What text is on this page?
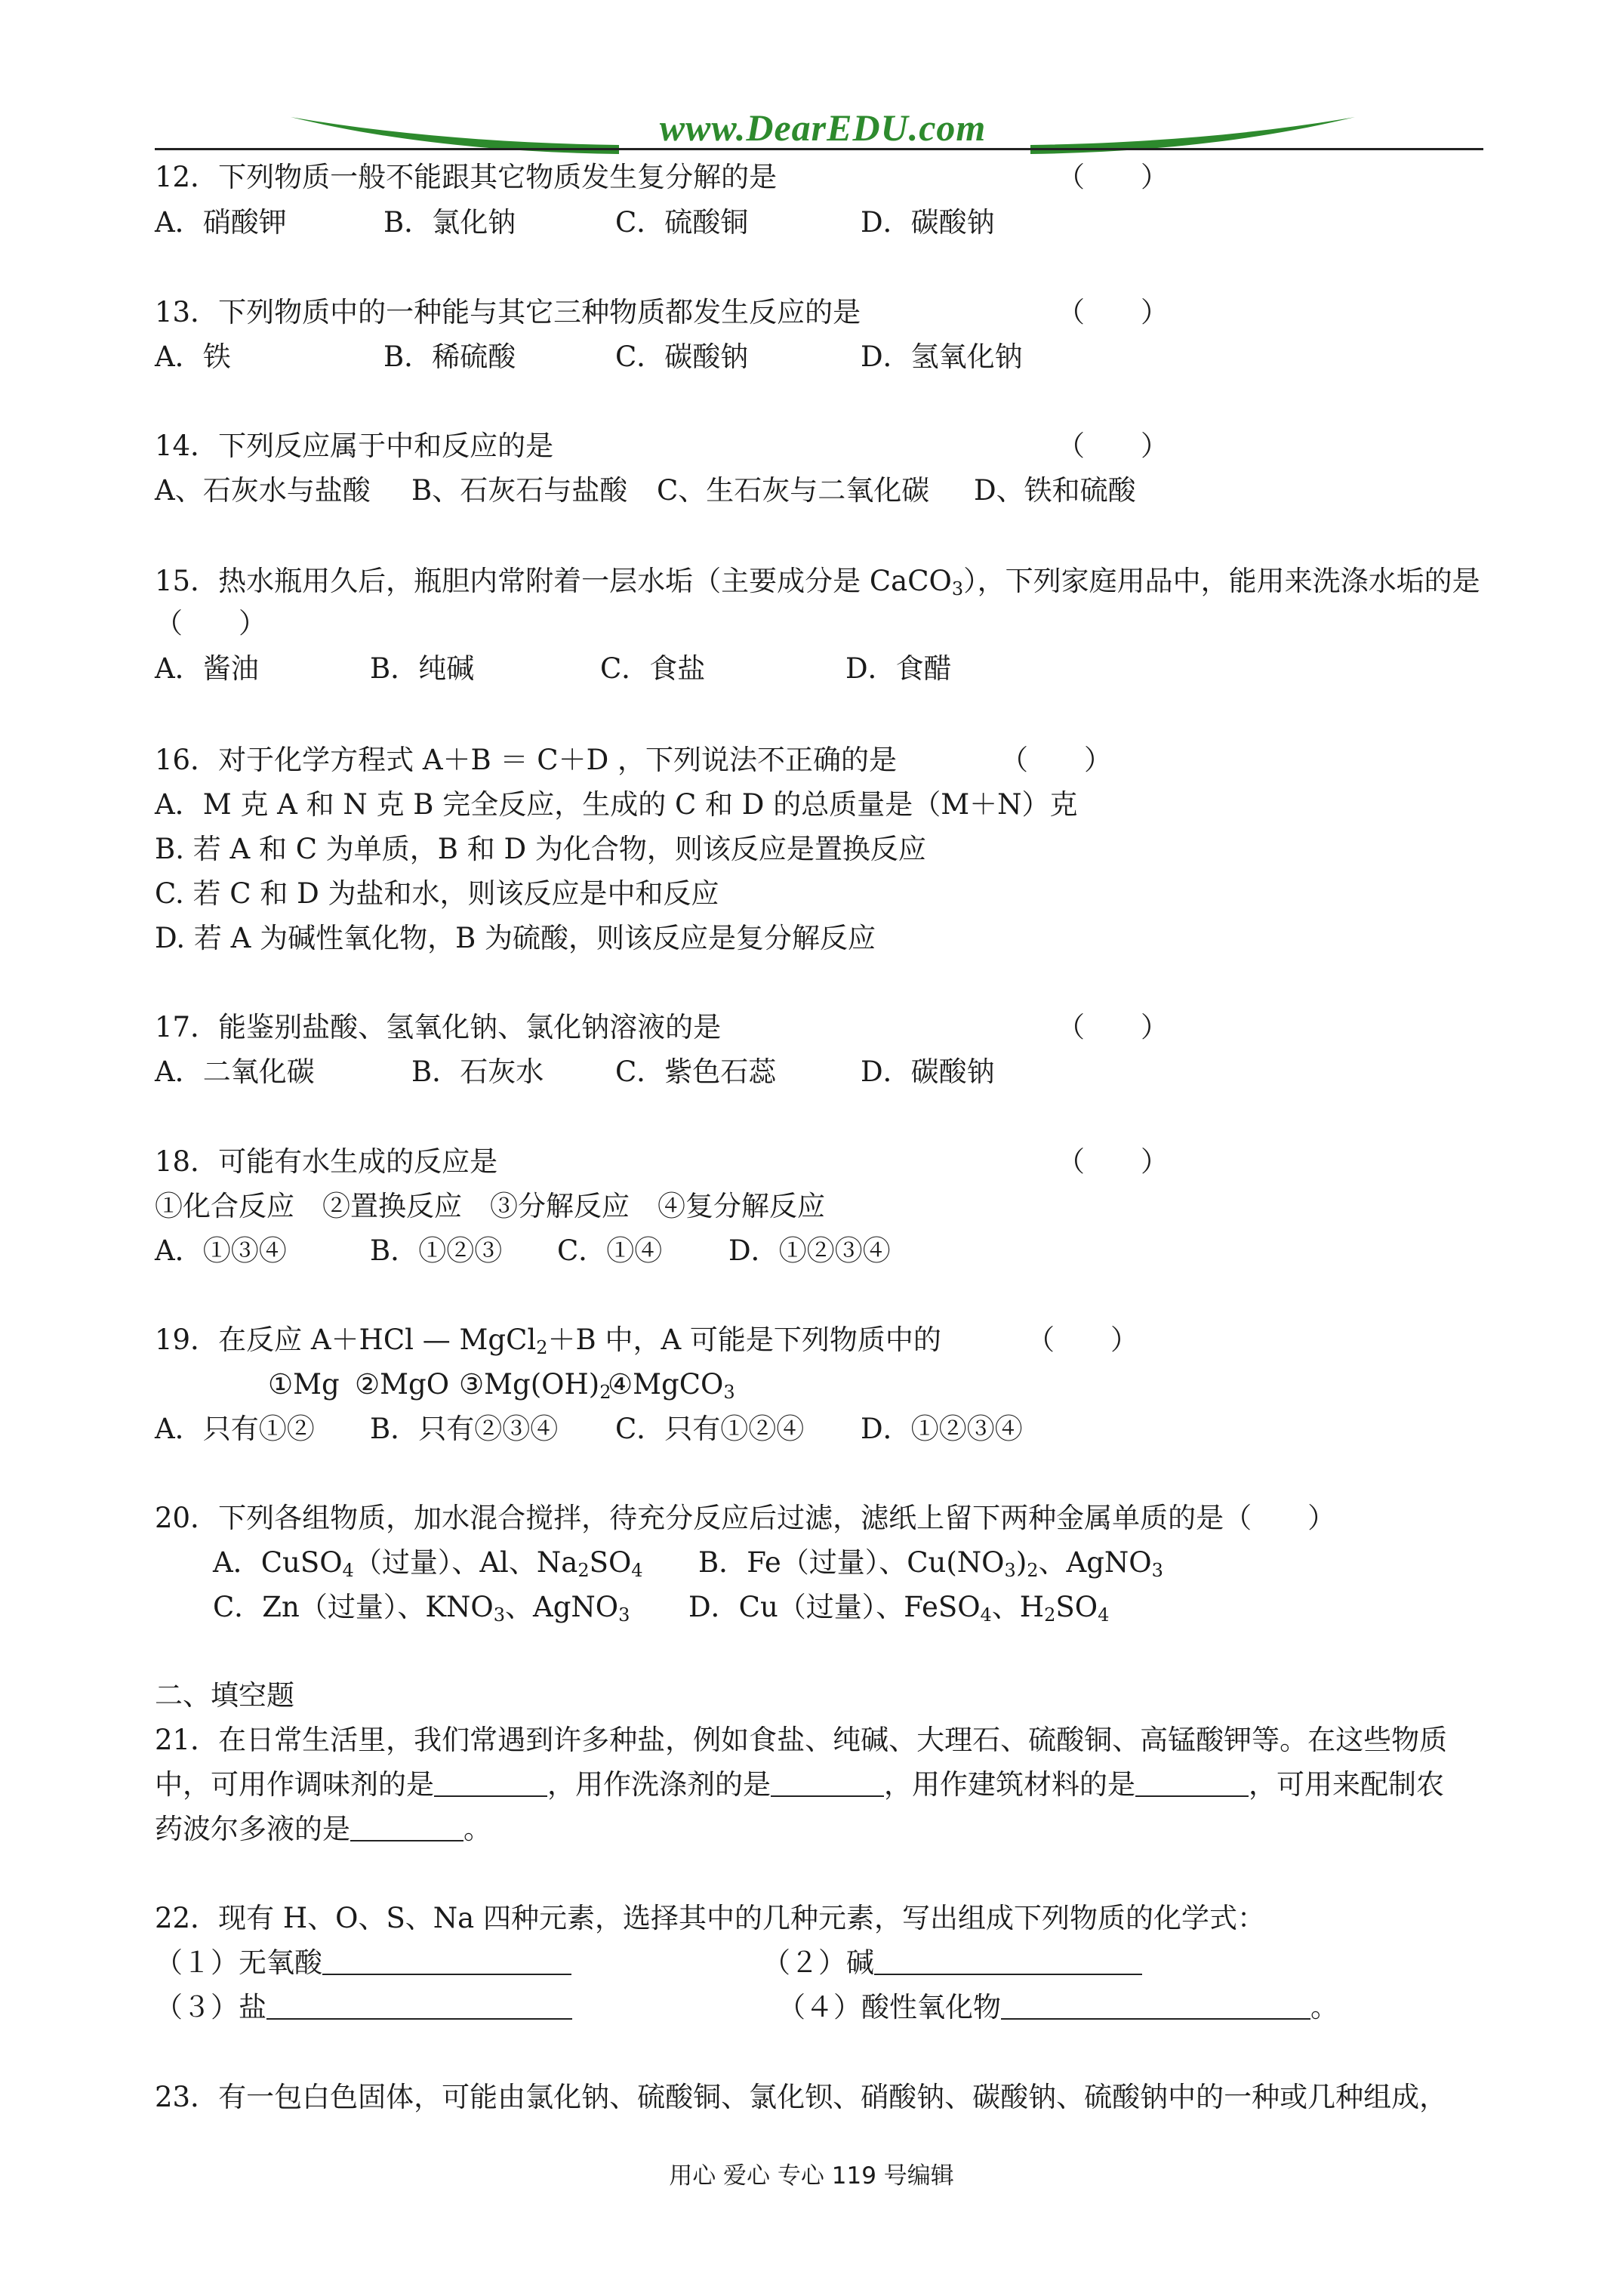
www.DearEDU.com
12．下列物质一般不能跟其它物质发生复分解的是	（　　）
A．硝酸钾	B．氯化钠	C．硫酸铜	D．碳酸钠
13．下列物质中的一种能与其它三种物质都发生反应的是	（　　）
A．铁	B．稀硫酸	C．碳酸钠	D．氢氧化钠
14．下列反应属于中和反应的是	（　　）
A、石灰水与盐酸 B、石灰石与盐酸 C、生石灰与二氧化碳 D、铁和硫酸
15．热水瓶用久后，瓶胆内常附着一层水垢（主要成分是 CaCO$_3$），下列家庭用品中，能用来洗涤水垢的是
（　　）
A．酱油	B．纯碱	C．食盐	D．食醋
16．对于化学方程式 A＋B ＝ C＋D ，下列说法不正确的是	（　　）
A．M 克 A 和 N 克 B 完全反应，生成的 C 和 D 的总质量是（M＋N）克
B. 若 A 和 C 为单质，B 和 D 为化合物，则该反应是置换反应
C. 若 C 和 D 为盐和水，则该反应是中和反应
D. 若 A 为碱性氧化物，B 为硫酸，则该反应是复分解反应
17．能鉴别盐酸、氢氧化钠、氯化钠溶液的是	（　　）
A．二氧化碳	B．石灰水	C．紫色石蕊	D．碳酸钠
18．可能有水生成的反应是	（　　）
①化合反应　②置换反应　③分解反应　④复分解反应
A．①③④	B．①②③ C．①④ D．①②③④
19．在反应 A＋HCl — MgCl$_2$＋B 中，A 可能是下列物质中的	（　　）
①Mg ②MgO $③Mg(OH)_2$
④MgCO$_3$
A．只有①② B．只有②③④ C．只有①②④ D．①②③④
20．下列各组物质，加水混合搅拌，待充分反应后过滤，滤纸上留下两种金属单质的是（　　）
A．CuSO$_4$（过量）、Al、$Na_2SO_4$ B．Fe（过量）、$Cu(NO_3)_2$、AgNO$_3$
C．Zn（过量）、$KNO_3$、AgNO$_3$ D．Cu（过量）、FeSO$_4$、$H_2SO_4$
二、填空题
21．在日常生活里，我们常遇到许多种盐，例如食盐、纯碱、大理石、硫酸铜、高锰酸钾等。在这些物质
中，可用作调味剂的是	，用作洗涤剂的是	，用作建筑材料的是	，可用来配制农
药波尔多液的是	。
22．现有 H、O、S、Na 四种元素，选择其中的几种元素，写出组成下列物质的化学式：
（１）无氧酸	（２）碱
（３）盐	（４）酸性氧化物	。
23．有一包白色固体，可能由氯化钠、硫酸铜、氯化钡、硝酸钠、碳酸钠、硫酸钠中的一种或几种组成，
用心 爱心 专心 119 号编辑
